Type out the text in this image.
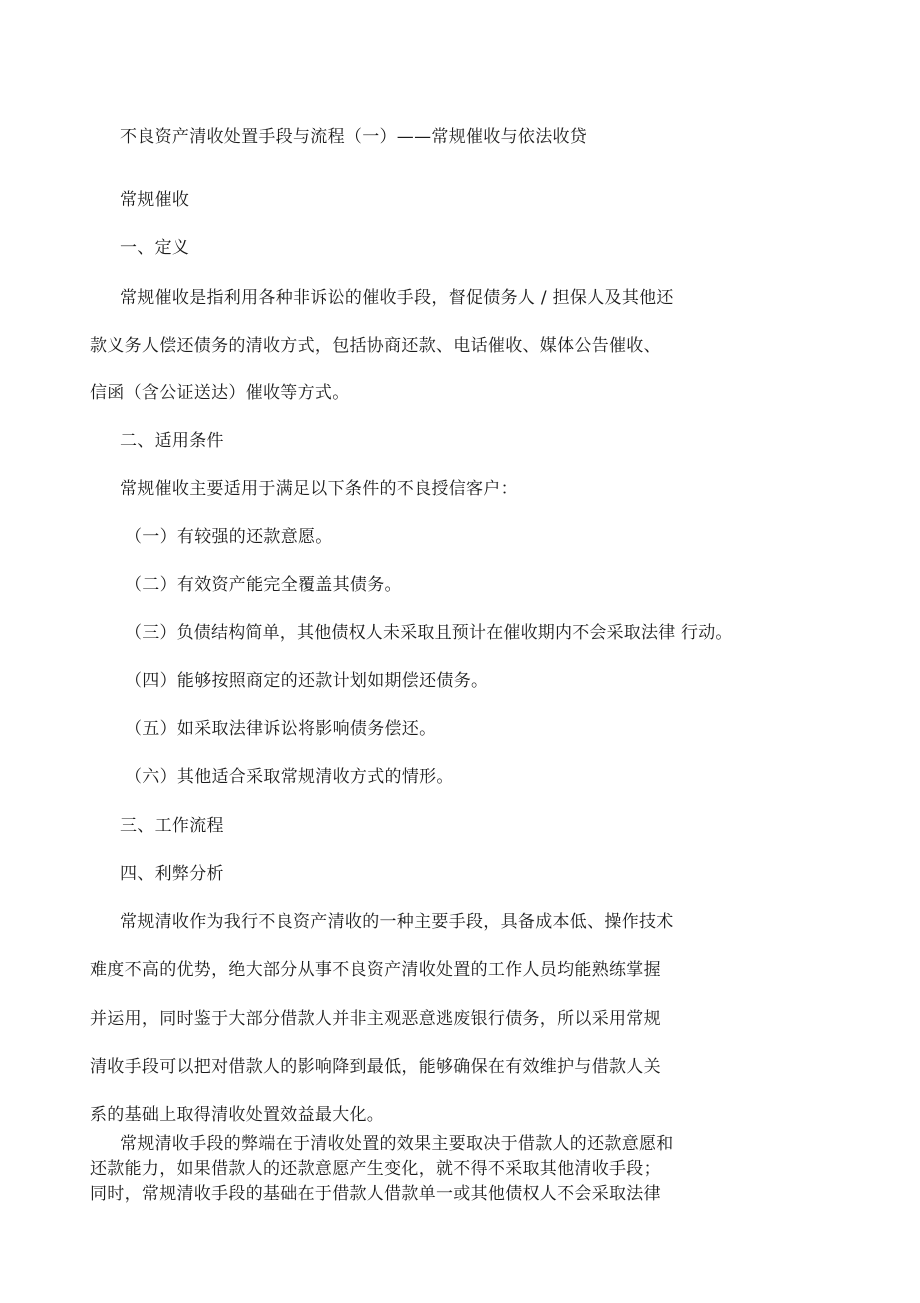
不良资产清收处置手段与流程（一）——常规催收与依法收贷
常规催收
一、定义
常规催收是指利用各种非诉讼的催收手段，督促债务人 / 担保人及其他还
款义务人偿还债务的清收方式，包括协商还款、电话催收、媒体公告催收、
信函（含公证送达）催收等方式。
二、适用条件
常规催收主要适用于满足以下条件的不良授信客户：
（一）有较强的还款意愿。
（二）有效资产能完全覆盖其债务。
（三）负债结构简单，其他债权人未采取且预计在催收期内不会采取法律 行动。
（四）能够按照商定的还款计划如期偿还债务。
（五）如采取法律诉讼将影响债务偿还。
（六）其他适合采取常规清收方式的情形。
三、工作流程
四、利弊分析
常规清收作为我行不良资产清收的一种主要手段，具备成本低、操作技术
难度不高的优势，绝大部分从事不良资产清收处置的工作人员均能熟练掌握
并运用，同时鉴于大部分借款人并非主观恶意逃废银行债务，所以采用常规
清收手段可以把对借款人的影响降到最低，能够确保在有效维护与借款人关
系的基础上取得清收处置效益最大化。
常规清收手段的弊端在于清收处置的效果主要取决于借款人的还款意愿和
还款能力，如果借款人的还款意愿产生变化，就不得不采取其他清收手段；
同时，常规清收手段的基础在于借款人借款单一或其他债权人不会采取法律
